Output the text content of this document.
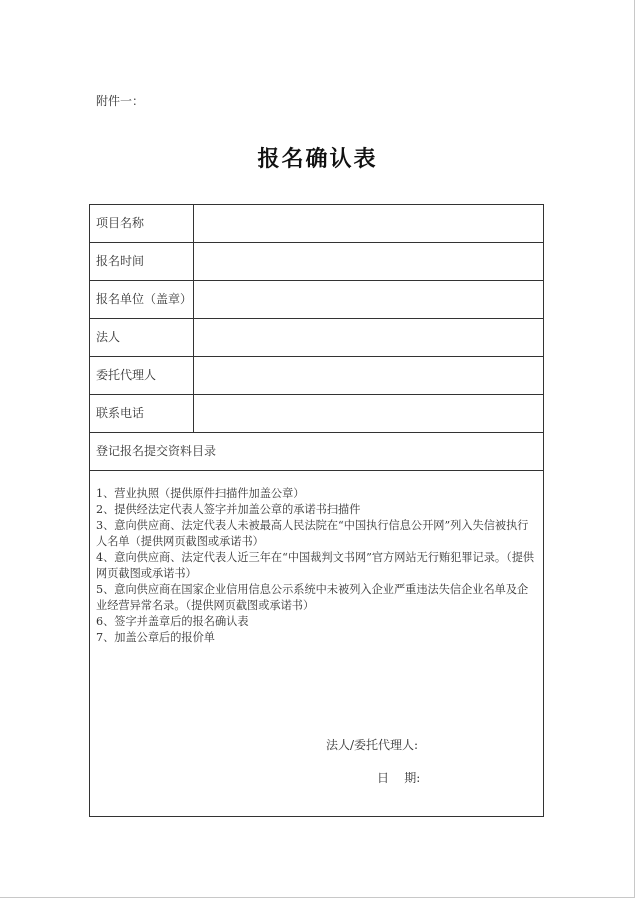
附件一：
报名确认表
项目名称
报名时间
报名单位（盖章）
法人
委托代理人
联系电话
登记报名提交资料目录

1、营业执照（提供原件扫描件加盖公章）

2、提供经法定代表人签字并加盖公章的承诺书扫描件

3、意向供应商、法定代表人未被最高人民法院在“中国执行信息公开网”列入失信被执行人名单（提供网页截图或承诺书）

4、意向供应商、法定代表人近三年在“中国裁判文书网”官方网站无行贿犯罪记录。（提供网页截图或承诺书）

5、意向供应商在国家企业信用信息公示系统中未被列入企业严重违法失信企业名单及企业经营异常名录。（提供网页截图或承诺书）

6、签字并盖章后的报名确认表

7、加盖公章后的报价单

法人/委托代理人:
日    期:
